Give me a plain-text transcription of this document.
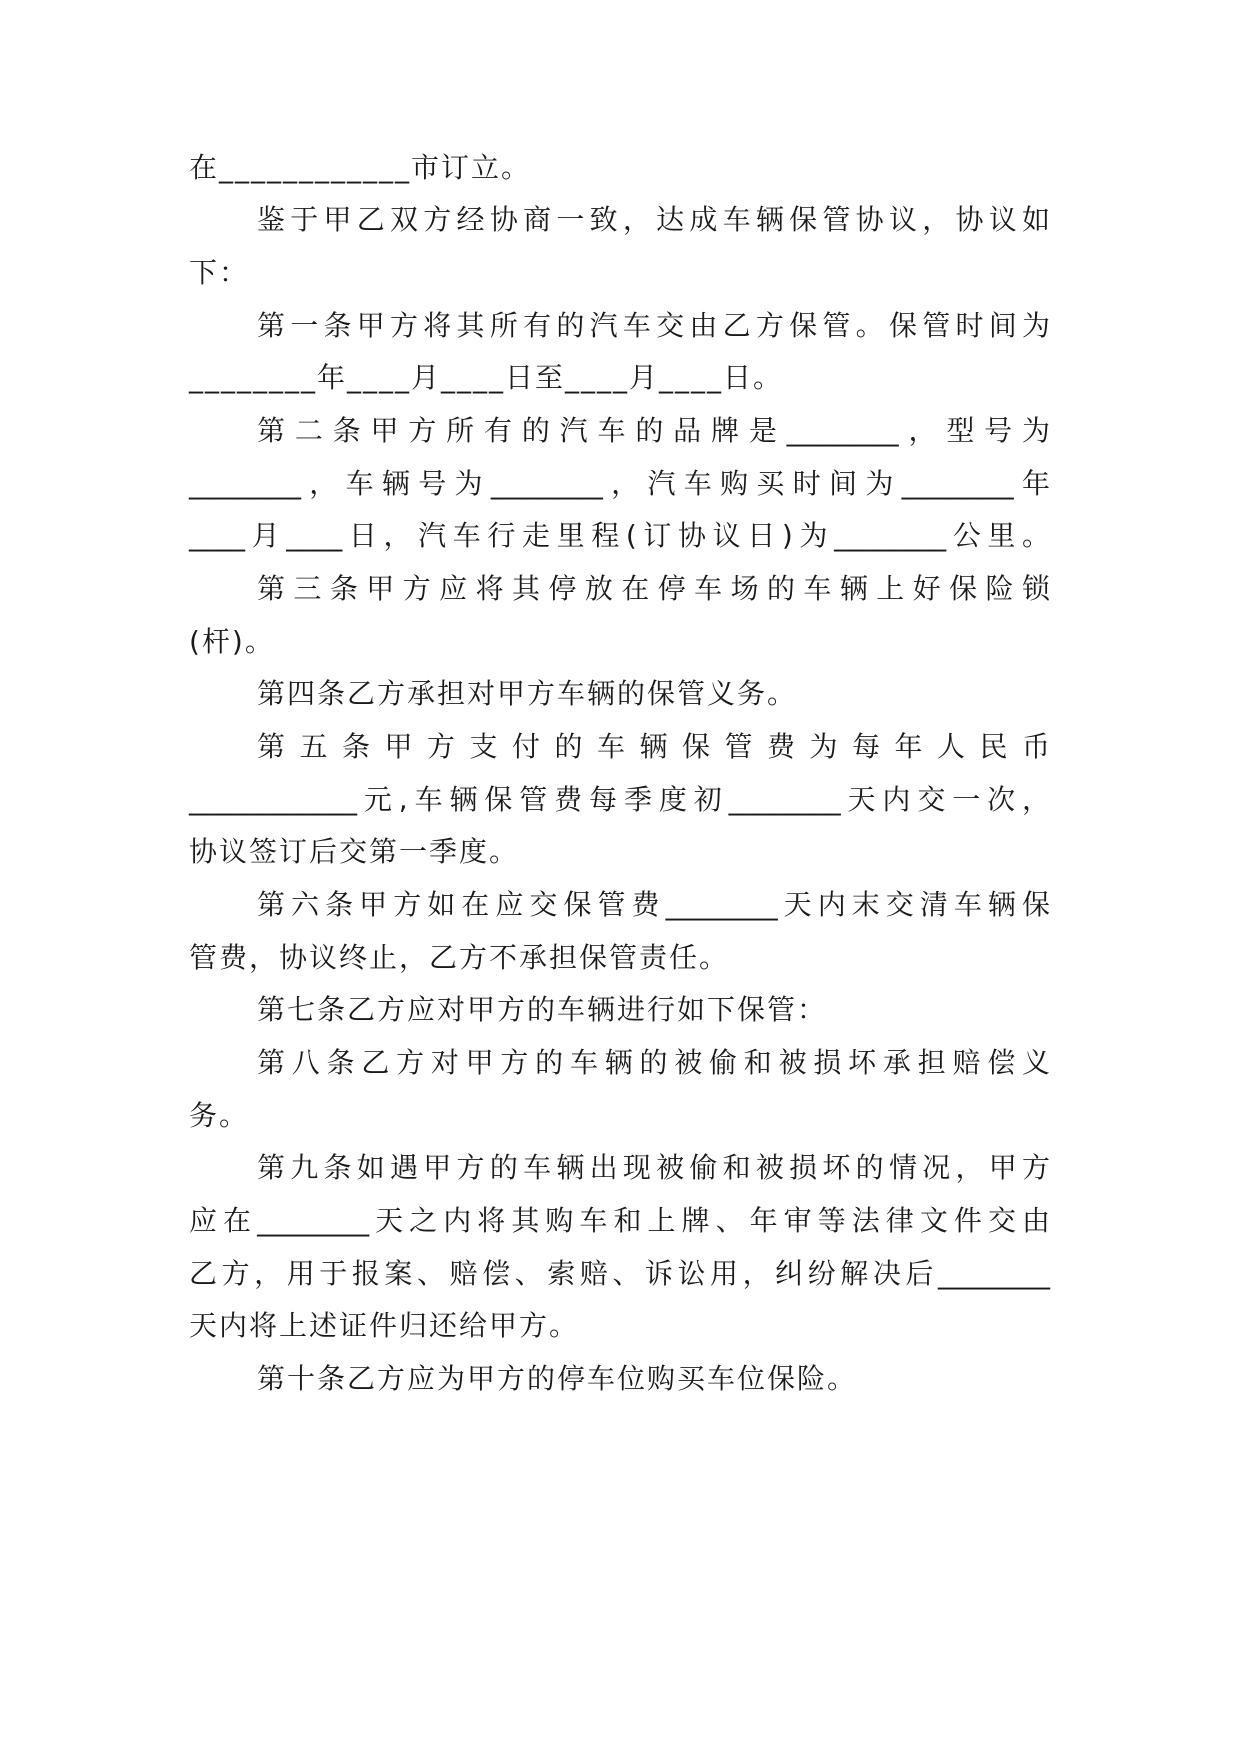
在____________市订立。
鉴于甲乙双方经协商一致，达成车辆保管协议，协议如
下：
第一条甲方将其所有的汽车交由乙方保管。保管时间为
________年____月____日至____月____日。
第二条甲方所有的汽车的品牌是________，型号为
________，车辆号为________，汽车购买时间为________年
____月____日，汽车行走里程(订协议日)为________公里。
第三条甲方应将其停放在停车场的车辆上好保险锁
(杆)。
第四条乙方承担对甲方车辆的保管义务。
第五条甲方支付的车辆保管费为每年人民币
____________元,车辆保管费每季度初________天内交一次，
协议签订后交第一季度。
第六条甲方如在应交保管费________天内末交清车辆保
管费，协议终止，乙方不承担保管责任。
第七条乙方应对甲方的车辆进行如下保管：
第八条乙方对甲方的车辆的被偷和被损坏承担赔偿义
务。
第九条如遇甲方的车辆出现被偷和被损坏的情况，甲方
应在________天之内将其购车和上牌、年审等法律文件交由
乙方，用于报案、赔偿、索赔、诉讼用，纠纷解决后________
天内将上述证件归还给甲方。
第十条乙方应为甲方的停车位购买车位保险。
